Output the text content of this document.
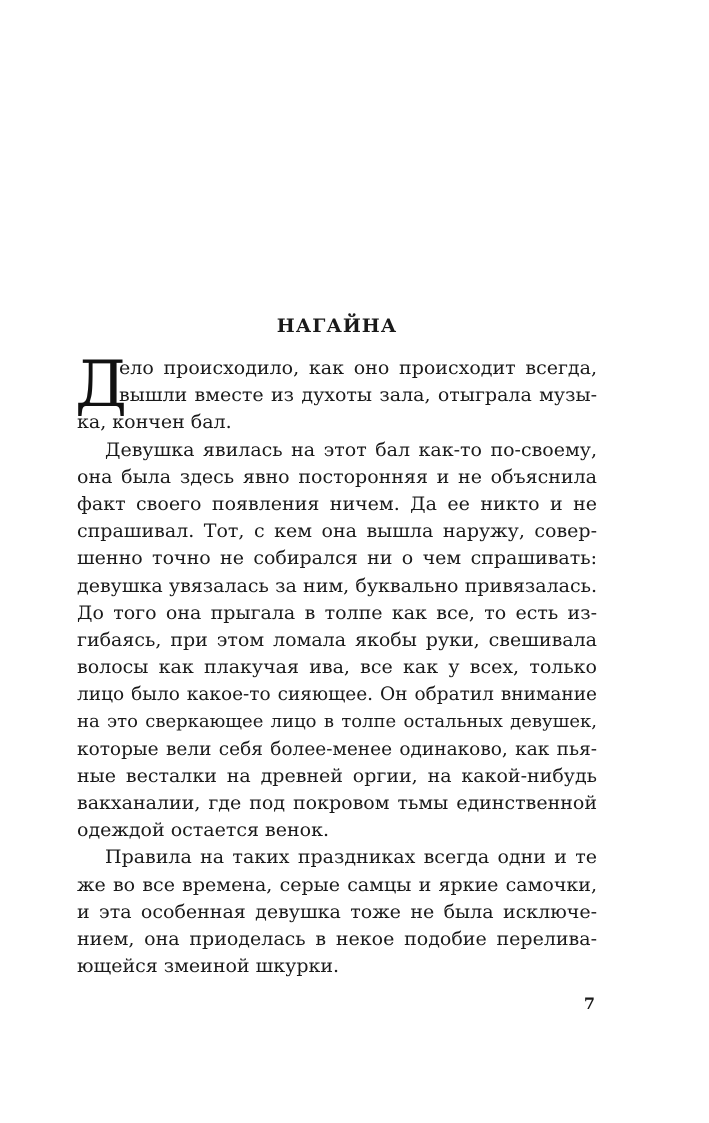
НАГАЙНА
Д
ело происходило, как оно происходит всегда,
вышли вместе из духоты зала, отыграла музы-
ка, кончен бал.
Девушка явилась на этот бал как-то по-своему,
она была здесь явно посторонняя и не объяснила
факт своего появления ничем. Да ее никто и не
спрашивал. Тот, с кем она вышла наружу, совер-
шенно точно не собирался ни о чем спрашивать:
девушка увязалась за ним, буквально привязалась.
До того она прыгала в толпе как все, то есть из-
гибаясь, при этом ломала якобы руки, свешивала
волосы как плакучая ива, все как у всех, только
лицо было какое-то сияющее. Он обратил внимание
на это сверкающее лицо в толпе остальных девушек,
которые вели себя более-менее одинаково, как пья-
ные весталки на древней оргии, на какой-нибудь
вакханалии, где под покровом тьмы единственной
одеждой остается венок.
Правила на таких праздниках всегда одни и те
же во все времена, серые самцы и яркие самочки,
и эта особенная девушка тоже не была исключе-
нием, она приоделась в некое подобие перелива-
ющейся змеиной шкурки.
7
